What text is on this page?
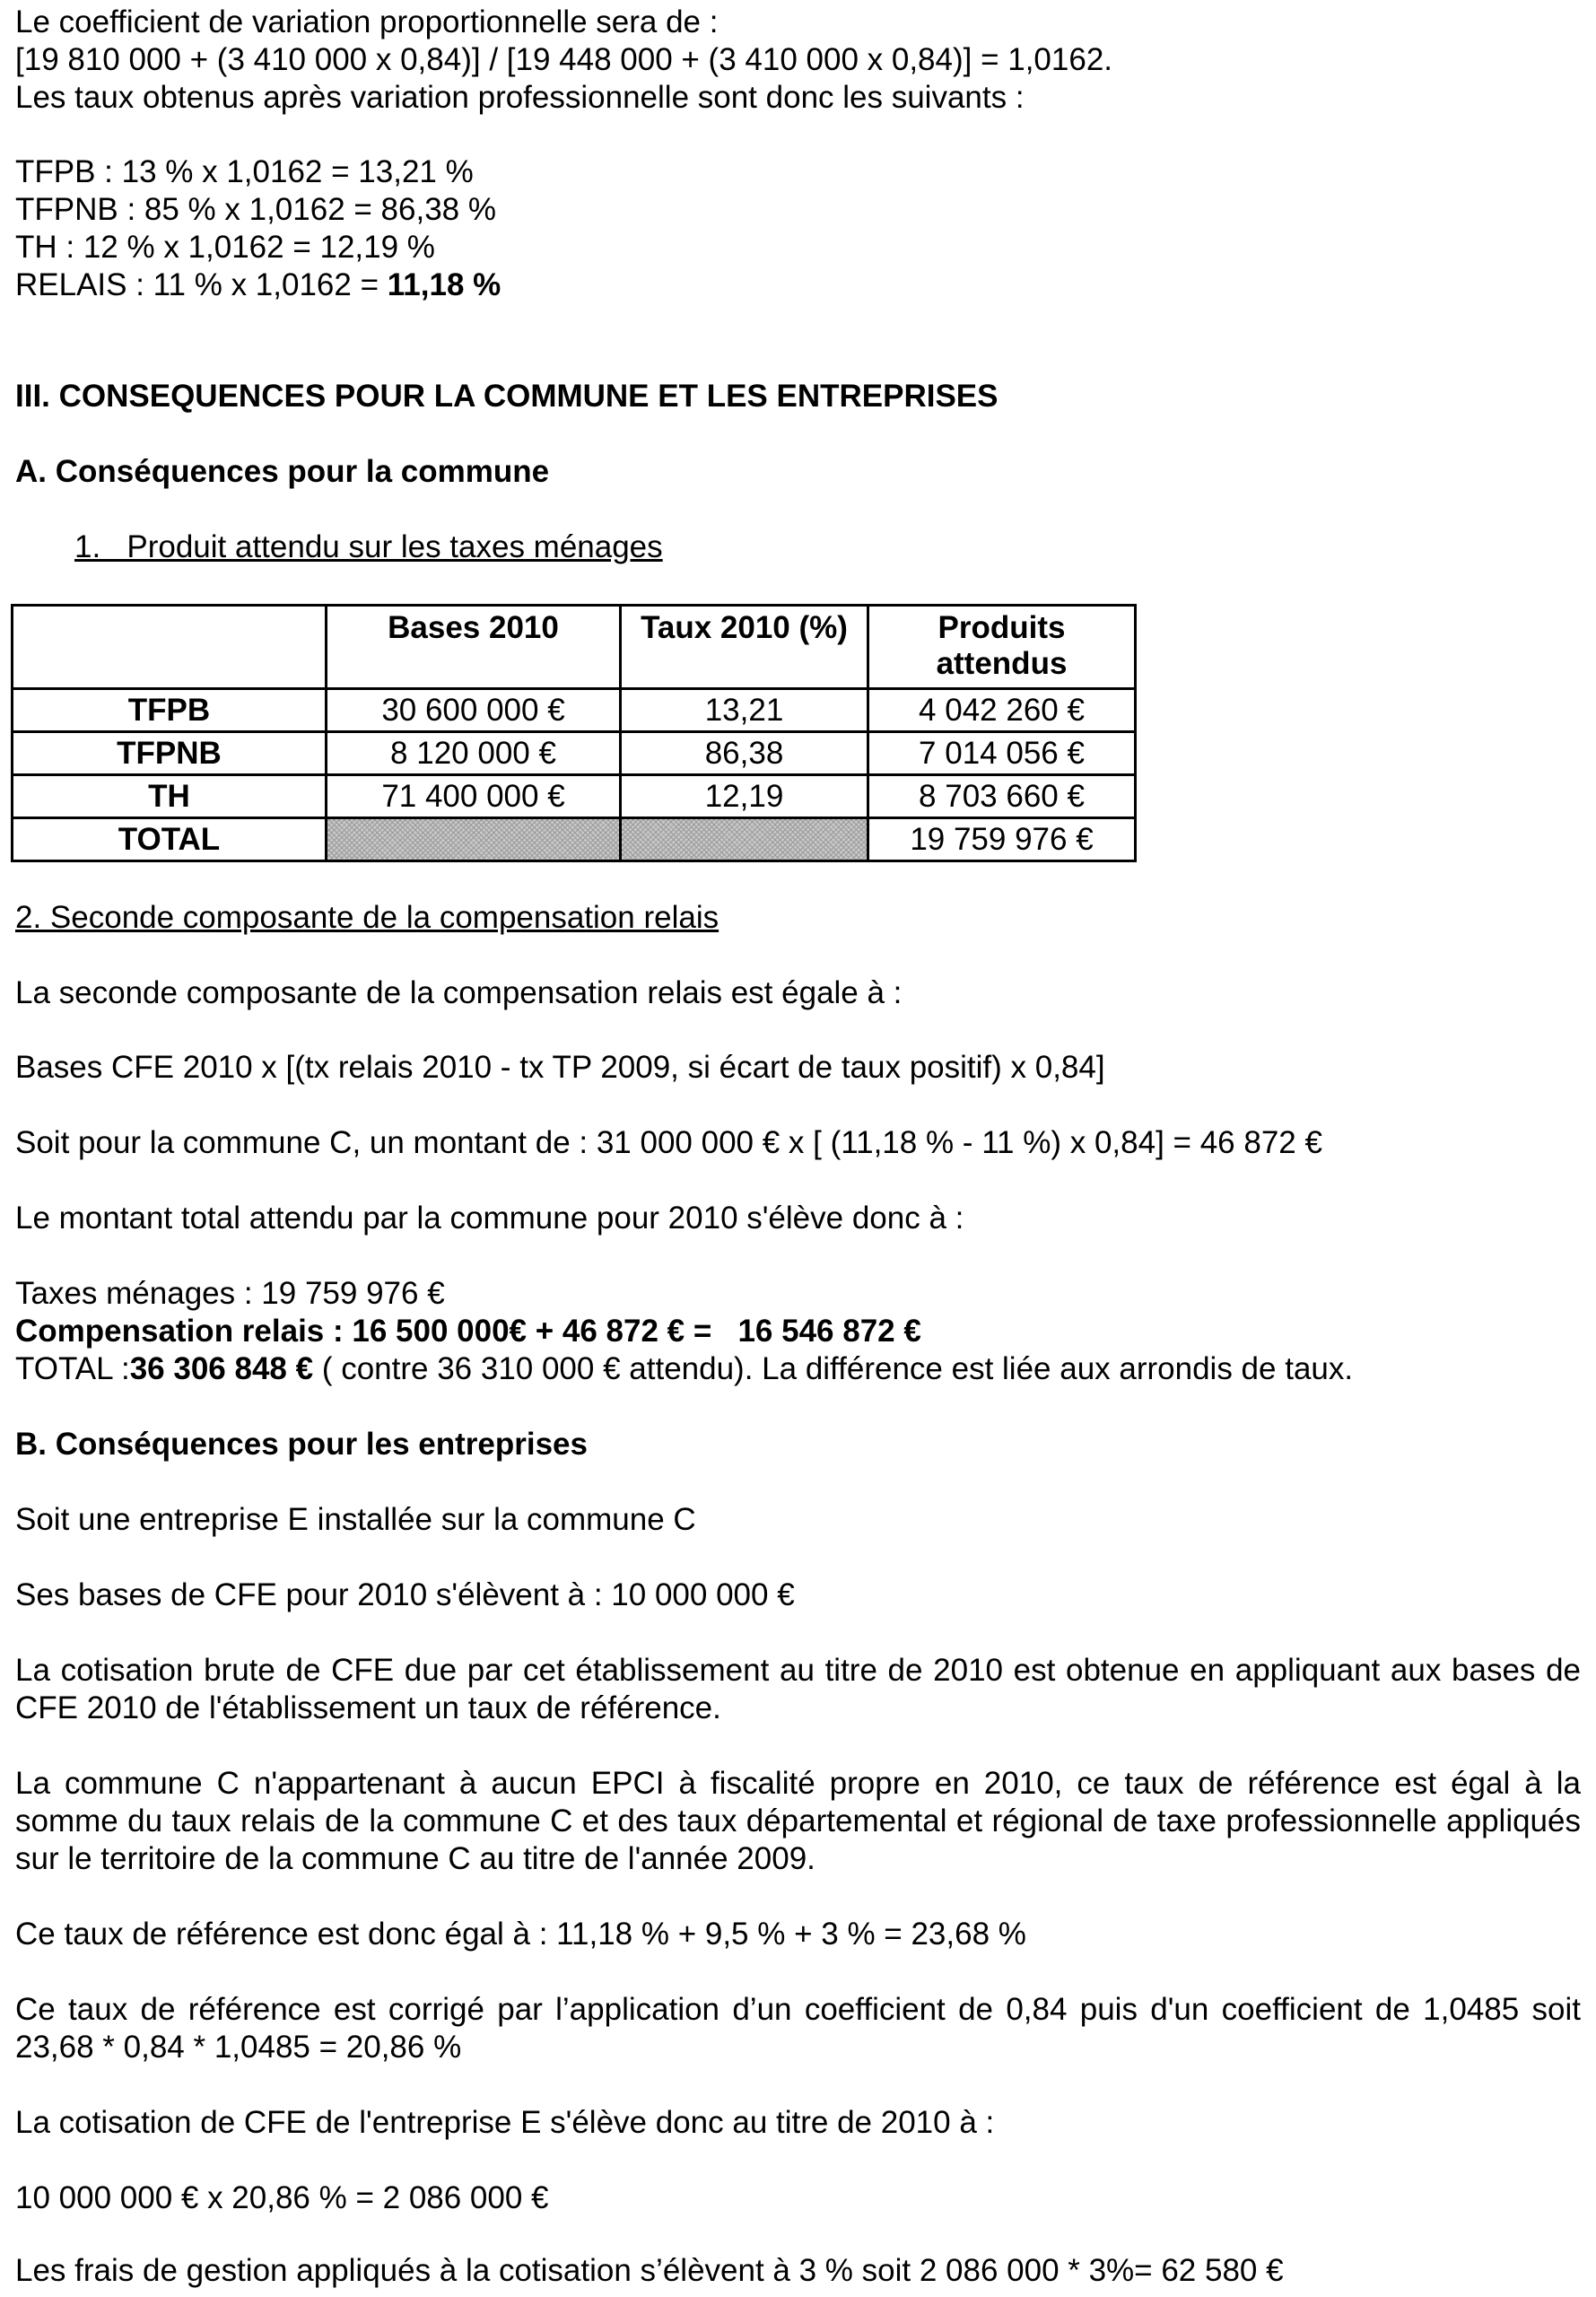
Le coefficient de variation proportionnelle sera de :
[19 810 000 + (3 410 000 x 0,84)] / [19 448 000 + (3 410 000 x 0,84)] = 1,0162.
Les taux obtenus après variation professionnelle sont donc les suivants :
TFPB : 13 % x 1,0162 = 13,21 %
TFPNB : 85 % x 1,0162 = 86,38 %
TH : 12 % x 1,0162 = 12,19 %
RELAIS : 11 % x 1,0162 = 11,18 %
III. CONSEQUENCES POUR LA COMMUNE ET LES ENTREPRISES
A. Conséquences pour la commune
1.   Produit attendu sur les taxes ménages
	Bases 2010	Taux 2010 (%)	Produits attendus
TFPB	30 600 000 €	13,21	4 042 260 €
TFPNB	8 120 000 €	86,38	7 014 056 €
TH	71 400 000 €	12,19	8 703 660 €
TOTAL			19 759 976 €
2. Seconde composante de la compensation relais
La seconde composante de la compensation relais est égale à :
Bases CFE 2010 x [(tx relais 2010 - tx TP 2009, si écart de taux positif) x 0,84]
Soit pour la commune C, un montant de : 31 000 000 € x [ (11,18 % - 11 %) x 0,84] = 46 872 €
Le montant total attendu par la commune pour 2010 s'élève donc à :
Taxes ménages : 19 759 976 €
Compensation relais : 16 500 000€ + 46 872 € =   16 546 872 €
TOTAL :36 306 848 € ( contre 36 310 000 € attendu). La différence est liée aux arrondis de taux.
B. Conséquences pour les entreprises
Soit une entreprise E installée sur la commune C
Ses bases de CFE pour 2010 s'élèvent à : 10 000 000 €
La cotisation brute de CFE due par cet établissement au titre de 2010 est obtenue en appliquant aux bases de CFE 2010 de l'établissement un taux de référence.
La commune C n'appartenant à aucun EPCI à fiscalité propre en 2010, ce taux de référence est égal à la somme du taux relais de la commune C et des taux départemental et régional de taxe professionnelle appliqués sur le territoire de la commune C au titre de l'année 2009.
Ce taux de référence est donc égal à : 11,18 % + 9,5 % + 3 % = 23,68 %
Ce taux de référence est corrigé par l’application d’un coefficient de 0,84 puis d'un coefficient de 1,0485 soit 23,68 * 0,84 * 1,0485 = 20,86 %
La cotisation de CFE de l'entreprise E s'élève donc au titre de 2010 à :
10 000 000 € x 20,86 % = 2 086 000 €
Les frais de gestion appliqués à la cotisation s’élèvent à 3 % soit 2 086 000 * 3%= 62 580 €
